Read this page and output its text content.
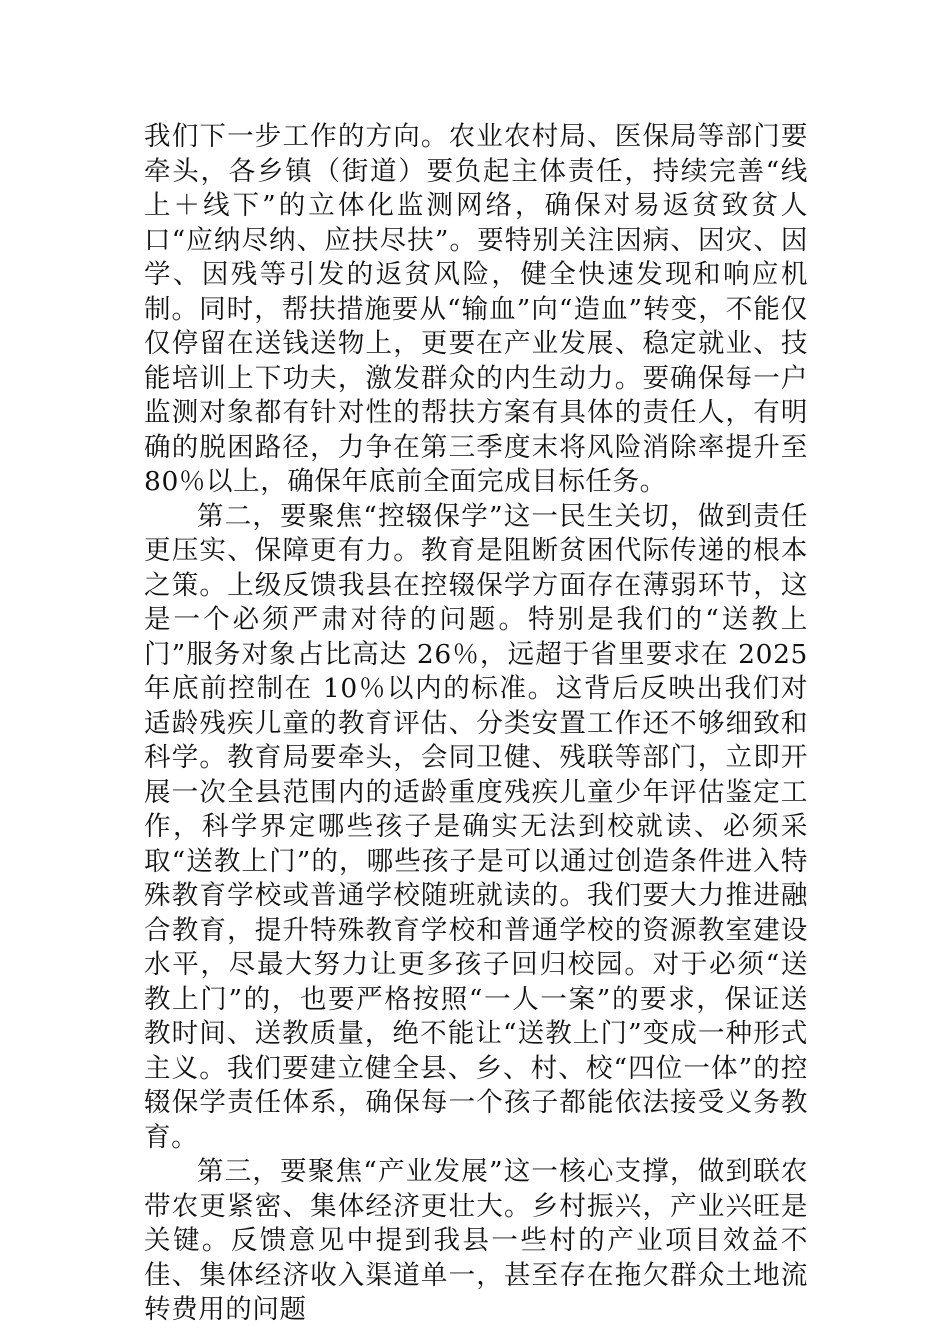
我们下一步工作的方向。农业农村局、医保局等部门要牵头，各乡镇（街道）要负起主体责任，持续完善“线上＋线下”的立体化监测网络，确保对易返贫致贫人口“应纳尽纳、应扶尽扶”。要特别关注因病、因灾、因学、因残等引发的返贫风险，健全快速发现和响应机制。同时，帮扶措施要从“输血”向“造血”转变，不能仅仅停留在送钱送物上，更要在产业发展、稳定就业、技能培训上下功夫，激发群众的内生动力。要确保每一户监测对象都有针对性的帮扶方案有具体的责任人，有明确的脱困路径，力争在第三季度末将风险消除率提升至 80％以上，确保年底前全面完成目标任务。

第二，要聚焦“控辍保学”这一民生关切，做到责任更压实、保障更有力。教育是阻断贫困代际传递的根本之策。上级反馈我县在控辍保学方面存在薄弱环节，这是一个必须严肃对待的问题。特别是我们的“送教上门”服务对象占比高达 26％，远超于省里要求在 2025 年底前控制在 10％以内的标准。这背后反映出我们对适龄残疾儿童的教育评估、分类安置工作还不够细致和科学。教育局要牵头，会同卫健、残联等部门，立即开展一次全县范围内的适龄重度残疾儿童少年评估鉴定工作，科学界定哪些孩子是确实无法到校就读、必须采取“送教上门”的，哪些孩子是可以通过创造条件进入特殊教育学校或普通学校随班就读的。我们要大力推进融合教育，提升特殊教育学校和普通学校的资源教室建设水平，尽最大努力让更多孩子回归校园。对于必须“送教上门”的，也要严格按照“一人一案”的要求，保证送教时间、送教质量，绝不能让“送教上门”变成一种形式主义。我们要建立健全县、乡、村、校“四位一体”的控辍保学责任体系，确保每一个孩子都能依法接受义务教育。

第三，要聚焦“产业发展”这一核心支撑，做到联农带农更紧密、集体经济更壮大。乡村振兴，产业兴旺是关键。反馈意见中提到我县一些村的产业项目效益不佳、集体经济收入渠道单一，甚至存在拖欠群众土地流转费用的问题
